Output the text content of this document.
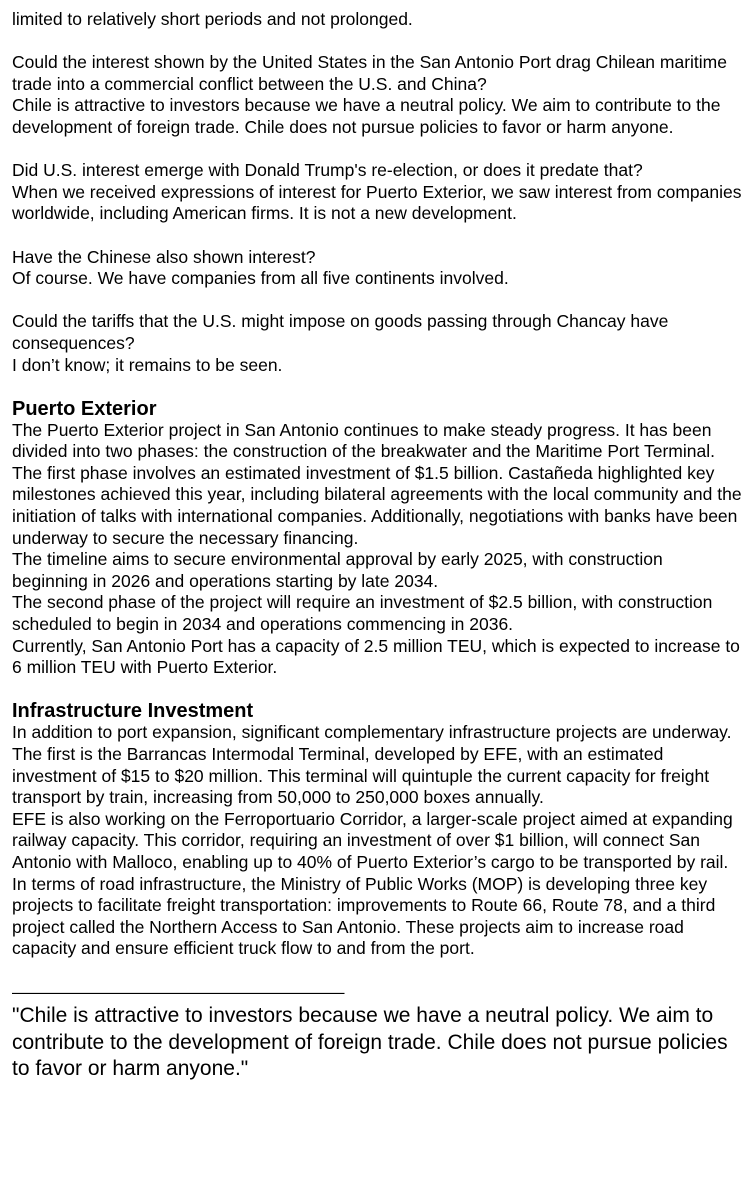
limited to relatively short periods and not prolonged.

Could the interest shown by the United States in the San Antonio Port drag Chilean maritime trade into a commercial conflict between the U.S. and China?

Chile is attractive to investors because we have a neutral policy. We aim to contribute to the development of foreign trade. Chile does not pursue policies to favor or harm anyone.

Did U.S. interest emerge with Donald Trump's re-election, or does it predate that?

When we received expressions of interest for Puerto Exterior, we saw interest from companies worldwide, including American firms. It is not a new development.

Have the Chinese also shown interest?

Of course. We have companies from all five continents involved.

Could the tariffs that the U.S. might impose on goods passing through Chancay have consequences?

I don’t know; it remains to be seen.

Puerto Exterior

The Puerto Exterior project in San Antonio continues to make steady progress. It has been divided into two phases: the construction of the breakwater and the Maritime Port Terminal.

The first phase involves an estimated investment of $1.5 billion. Castañeda highlighted key milestones achieved this year, including bilateral agreements with the local community and the initiation of talks with international companies. Additionally, negotiations with banks have been underway to secure the necessary financing.

The timeline aims to secure environmental approval by early 2025, with construction beginning in 2026 and operations starting by late 2034.

The second phase of the project will require an investment of $2.5 billion, with construction scheduled to begin in 2034 and operations commencing in 2036.

Currently, San Antonio Port has a capacity of 2.5 million TEU, which is expected to increase to 6 million TEU with Puerto Exterior.

Infrastructure Investment

In addition to port expansion, significant complementary infrastructure projects are underway.

The first is the Barrancas Intermodal Terminal, developed by EFE, with an estimated investment of $15 to $20 million. This terminal will quintuple the current capacity for freight transport by train, increasing from 50,000 to 250,000 boxes annually.

EFE is also working on the Ferroportuario Corridor, a larger-scale project aimed at expanding railway capacity. This corridor, requiring an investment of over $1 billion, will connect San Antonio with Malloco, enabling up to 40% of Puerto Exterior’s cargo to be transported by rail.

In terms of road infrastructure, the Ministry of Public Works (MOP) is developing three key projects to facilitate freight transportation: improvements to Route 66, Route 78, and a third project called the Northern Access to San Antonio. These projects aim to increase road capacity and ensure efficient truck flow to and from the port.

———————————————————

"Chile is attractive to investors because we have a neutral policy. We aim to contribute to the development of foreign trade. Chile does not pursue policies to favor or harm anyone."
